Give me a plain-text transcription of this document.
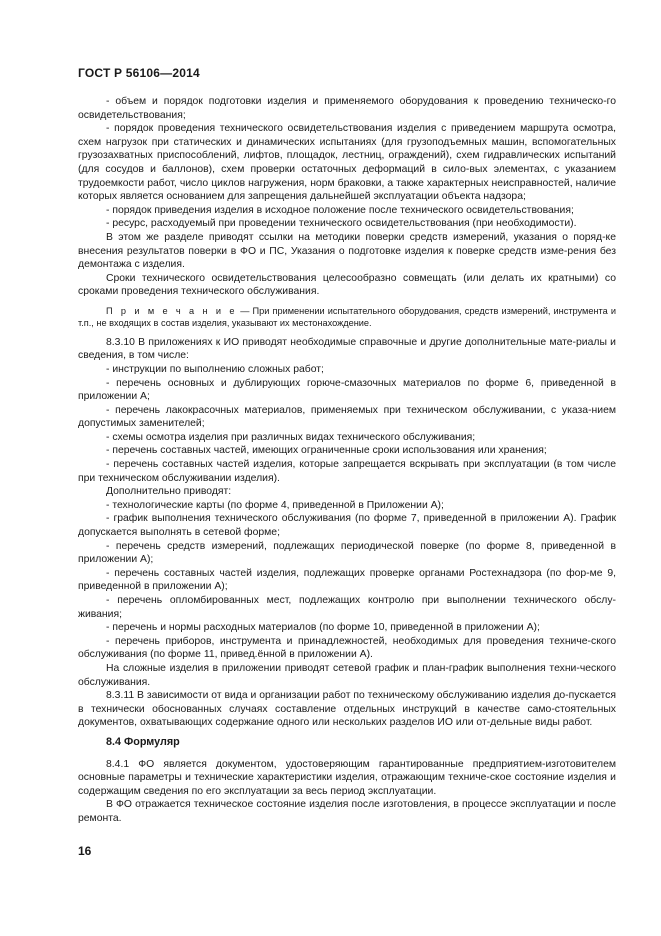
ГОСТ Р 56106—2014

- объем и порядок подготовки изделия и применяемого оборудования к проведению техническо-го освидетельствования;

- порядок проведения технического освидетельствования изделия с приведением маршрута осмотра, схем нагрузок при статических и динамических испытаниях (для грузоподъемных машин, вспомогательных грузозахватных приспособлений, лифтов, площадок, лестниц, ограждений), схем гидравлических испытаний (для сосудов и баллонов), схем проверки остаточных деформаций в сило-вых элементах, с указанием трудоемкости работ, число циклов нагружения, норм браковки, а также характерных неисправностей, наличие которых является основанием для запрещения дальнейшей эксплуатации объекта надзора;

- порядок приведения изделия в исходное положение после технического освидетельствования;

- ресурс, расходуемый при проведении технического освидетельствования (при необходимости).

В этом же разделе приводят ссылки на методики поверки средств измерений, указания о поряд-ке внесения результатов поверки в ФО и ПС, Указания о подготовке изделия к поверке средств изме-рения без демонтажа с изделия.

Сроки технического освидетельствования целесообразно совмещать (или делать их кратными) со сроками проведения технического обслуживания.

П р и м е ч а н и е — При применении испытательного оборудования, средств измерений, инструмента и т.п., не входящих в состав изделия, указывают их местонахождение.

8.3.10 В приложениях к ИО приводят необходимые справочные и другие дополнительные мате-риалы и сведения, в том числе:

- инструкции по выполнению сложных работ;

- перечень основных и дублирующих горюче-смазочных материалов по форме 6, приведенной в приложении А;

- перечень лакокрасочных материалов, применяемых при техническом обслуживании, с указа-нием допустимых заменителей;

- схемы осмотра изделия при различных видах технического обслуживания;

- перечень составных частей, имеющих ограниченные сроки использования или хранения;

- перечень составных частей изделия, которые запрещается вскрывать при эксплуатации (в том числе при техническом обслуживании изделия).

Дополнительно приводят:

- технологические карты (по форме 4, приведенной в Приложении А);

- график выполнения технического обслуживания (по форме 7, приведенной в приложении А). График допускается выполнять в сетевой форме;

- перечень средств измерений, подлежащих периодической поверке (по форме 8, приведенной в приложении А);

- перечень составных частей изделия, подлежащих проверке органами Ростехнадзора (по фор-ме 9, приведенной в приложении А);

- перечень опломбированных мест, подлежащих контролю при выполнении технического обслу-живания;

- перечень и нормы расходных материалов (по форме 10, приведенной в приложении А);

- перечень приборов, инструмента и принадлежностей, необходимых для проведения техниче-ского обслуживания (по форме 11, привед.ённой в приложении А).

На сложные изделия в приложении приводят сетевой график и план-график выполнения техни-ческого обслуживания.

8.3.11 В зависимости от вида и организации работ по техническому обслуживанию изделия до-пускается в технически обоснованных случаях составление отдельных инструкций в качестве само-стоятельных документов, охватывающих содержание одного или нескольких разделов ИО или от-дельные виды работ.

8.4 Формуляр

8.4.1 ФО является документом, удостоверяющим гарантированные предприятием-изготовителем основные параметры и технические характеристики изделия, отражающим техниче-ское состояние изделия и содержащим сведения по его эксплуатации за весь период эксплуатации.

В ФО отражается техническое состояние изделия после изготовления, в процессе эксплуатации и после ремонта.

16
